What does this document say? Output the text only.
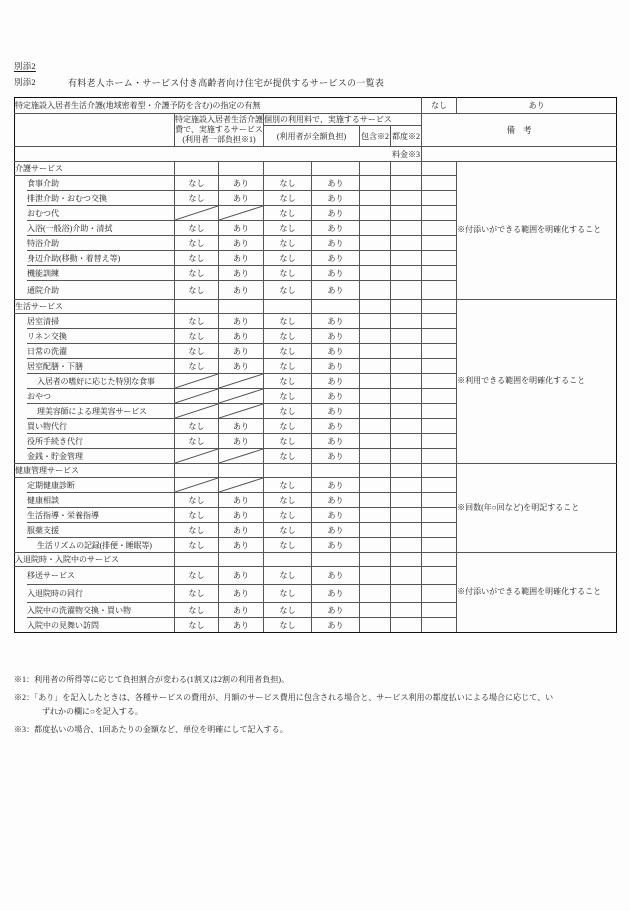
別添2
別添2	有料老人ホーム・サービス付き高齢者向け住宅が提供するサービスの一覧表
特定施設入居者生活介護(地域密着型・介護予防を含む)の指定の有無								なし	あり
		特定施設入居者生活介護費で、実施するサービス(利用者一部負担※1)		個別の利用料で、実施するサービス				備考	
				(利用者が全額負担)		包含※2	都度※2		
							料金※3		
介護サービス									※付添いができる範囲を明確化すること
	食事介助	なし	あり	なし	あり				
	排泄介助・おむつ交換	なし	あり	なし	あり				
	おむつ代			なし	あり				
	入浴(一般浴)介助・清拭	なし	あり	なし	あり				
	特浴介助	なし	あり	なし	あり				
	身辺介助(移動・着替え等)	なし	あり	なし	あり				
	機能訓練	なし	あり	なし	あり				
	通院介助	なし	あり	なし	あり				
生活サービス									※利用できる範囲を明確化すること
	居室清掃	なし	あり	なし	あり				
	リネン交換	なし	あり	なし	あり				
	日常の洗濯	なし	あり	なし	あり				
	居室配膳・下膳	なし	あり	なし	あり				
	入居者の嗜好に応じた特別な食事			なし	あり				
	おやつ			なし	あり				
	理美容師による理美容サービス			なし	あり				
	買い物代行	なし	あり	なし	あり				
	役所手続き代行	なし	あり	なし	あり				
	金銭・貯金管理			なし	あり				
健康管理サービス									※回数(年○回など)を明記すること
	定期健康診断			なし	あり				
	健康相談	なし	あり	なし	あり				
	生活指導・栄養指導	なし	あり	なし	あり				
	服薬支援	なし	あり	なし	あり				
	生活リズムの記録(排便・睡眠等)	なし	あり	なし	あり				
入退院時・入院中のサービス									※付添いができる範囲を明確化すること
	移送サービス	なし	あり	なし	あり				
	入退院時の同行	なし	あり	なし	あり				
	入院中の洗濯物交換・買い物	なし	あり	なし	あり				
	入院中の見舞い訪問	なし	あり	なし	あり				
※1：利用者の所得等に応じて負担割合が変わる(1割又は2割の利用者負担)。
※2：「あり」を記入したときは、各種サービスの費用が、月額のサービス費用に包含される場合と、サービス利用の都度払いによる場合に応じて、い
ずれかの欄に○を記入する。
※3：都度払いの場合、1回あたりの金額など、単位を明確にして記入する。
